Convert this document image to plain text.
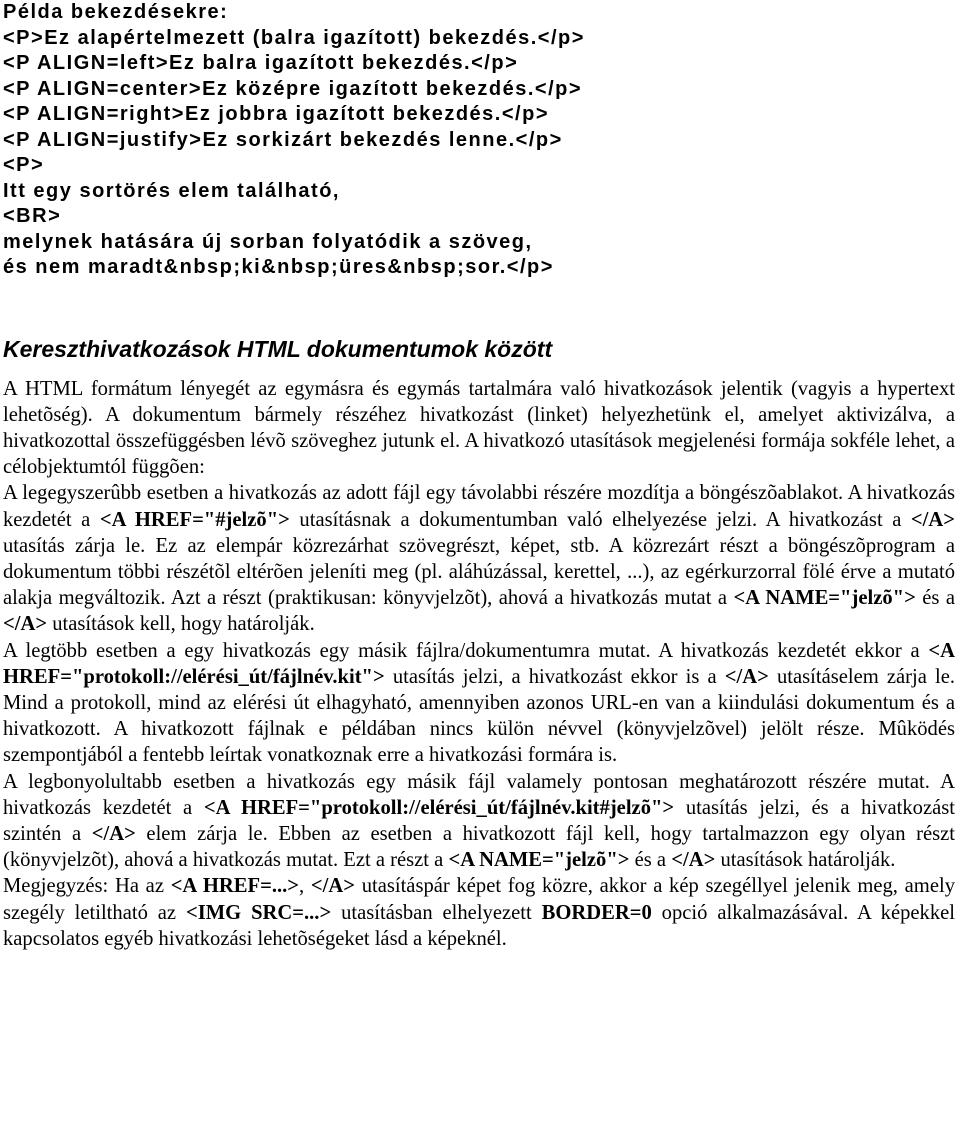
Példa bekezdésekre:
<P>Ez alapértelmezett (balra igazított) bekezdés.</p>
<P ALIGN=left>Ez balra igazított bekezdés.</p>
<P ALIGN=center>Ez középre igazított bekezdés.</p>
<P ALIGN=right>Ez jobbra igazított bekezdés.</p>
<P ALIGN=justify>Ez sorkizárt bekezdés lenne.</p>
<P>
Itt egy sortörés elem található,
<BR>
melynek hatására új sorban folyatódik a szöveg,
és nem maradt&nbsp;ki&nbsp;üres&nbsp;sor.</p>
Kereszthivatkozások HTML dokumentumok között

A HTML formátum lényegét az egymásra és egymás tartalmára való hivatkozások jelentik (vagyis a hypertext lehetõség). A dokumentum bármely részéhez hivatkozást (linket) helyezhetünk el, amelyet aktivizálva, a hivatkozottal összefüggésben lévõ szöveghez jutunk el. A hivatkozó utasítások megjelenési formája sokféle lehet, a célobjektumtól függõen:

A legegyszerûbb esetben a hivatkozás az adott fájl egy távolabbi részére mozdítja a böngészõablakot. A hivatkozás kezdetét a <A HREF="#jelzõ"> utasításnak a dokumentumban való elhelyezése jelzi. A hivatkozást a </A> utasítás zárja le. Ez az elempár közrezárhat szövegrészt, képet, stb. A közrezárt részt a böngészõprogram a dokumentum többi részétõl eltérõen jeleníti meg (pl. aláhúzással, kerettel, ...), az egérkurzorral fölé érve a mutató alakja megváltozik. Azt a részt (praktikusan: könyvjelzõt), ahová a hivatkozás mutat a <A NAME="jelzõ"> és a </A> utasítások kell, hogy határolják.

A legtöbb esetben a egy hivatkozás egy másik fájlra/dokumentumra mutat. A hivatkozás kezdetét ekkor a <A HREF="protokoll://elérési_út/fájlnév.kit"> utasítás jelzi, a hivatkozást ekkor is a </A> utasításelem zárja le. Mind a protokoll, mind az elérési út elhagyható, amennyiben azonos URL-en van a kiindulási dokumentum és a hivatkozott. A hivatkozott fájlnak e példában nincs külön névvel (könyvjelzõvel) jelölt része. Mûködés szempontjából a fentebb leírtak vonatkoznak erre a hivatkozási formára is.

A legbonyolultabb esetben a hivatkozás egy másik fájl valamely pontosan meghatározott részére mutat. A hivatkozás kezdetét a <A HREF="protokoll://elérési_út/fájlnév.kit#jelzõ"> utasítás jelzi, és a hivatkozást szintén a </A> elem zárja le. Ebben az esetben a hivatkozott fájl kell, hogy tartalmazzon egy olyan részt (könyvjelzõt), ahová a hivatkozás mutat. Ezt a részt a <A NAME="jelzõ"> és a </A> utasítások határolják.

Megjegyzés: Ha az <A HREF=...>, </A> utasításpár képet fog közre, akkor a kép szegéllyel jelenik meg, amely szegély letiltható az <IMG SRC=...> utasításban elhelyezett BORDER=0 opció alkalmazásával. A képekkel kapcsolatos egyéb hivatkozási lehetõségeket lásd a képeknél.
